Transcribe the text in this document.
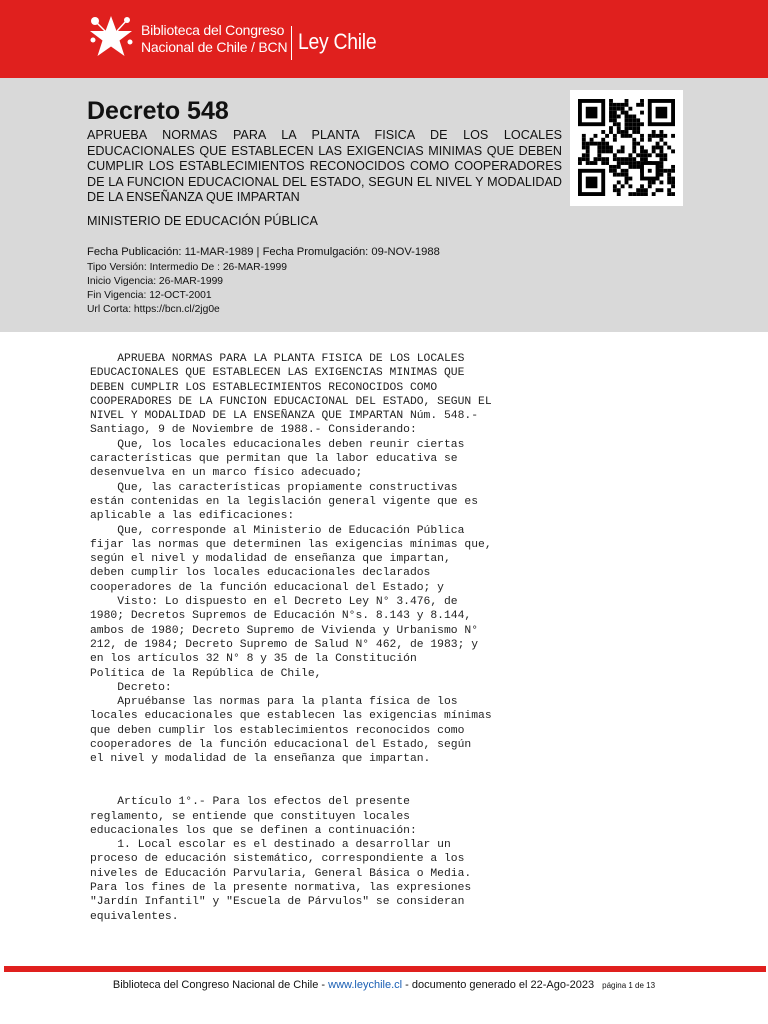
Biblioteca del Congreso
Nacional de Chile / BCN Ley Chile
Decreto 548
APRUEBA NORMAS PARA LA PLANTA FISICA DE LOS LOCALES EDUCACIONALES QUE ESTABLECEN LAS EXIGENCIAS MINIMAS QUE DEBEN CUMPLIR LOS ESTABLECIMIENTOS RECONOCIDOS COMO COOPERADORES DE LA FUNCION EDUCACIONAL DEL ESTADO, SEGUN EL NIVEL Y MODALIDAD DE LA ENSEÑANZA QUE IMPARTAN
MINISTERIO DE EDUCACIÓN PÚBLICA
Fecha Publicación: 11-MAR-1989 | Fecha Promulgación: 09-NOV-1988
Tipo Versión: Intermedio De : 26-MAR-1999
Inicio Vigencia: 26-MAR-1999
Fin Vigencia: 12-OCT-2001
Url Corta: https://bcn.cl/2jg0e
APRUEBA NORMAS PARA LA PLANTA FISICA DE LOS LOCALES
EDUCACIONALES QUE ESTABLECEN LAS EXIGENCIAS MINIMAS QUE
DEBEN CUMPLIR LOS ESTABLECIMIENTOS RECONOCIDOS COMO
COOPERADORES DE LA FUNCION EDUCACIONAL DEL ESTADO, SEGUN EL
NIVEL Y MODALIDAD DE LA ENSEÑANZA QUE IMPARTAN Núm. 548.-
Santiago, 9 de Noviembre de 1988.- Considerando:
Que, los locales educacionales deben reunir ciertas
características que permitan que la labor educativa se
desenvuelva en un marco físico adecuado;
Que, las características propiamente constructivas
están contenidas en la legislación general vigente que es
aplicable a las edificaciones:
Que, corresponde al Ministerio de Educación Pública
fijar las normas que determinen las exigencias mínimas que,
según el nivel y modalidad de enseñanza que impartan,
deben cumplir los locales educacionales declarados
cooperadores de la función educacional del Estado; y
Visto: Lo dispuesto en el Decreto Ley N° 3.476, de
1980; Decretos Supremos de Educación N°s. 8.143 y 8.144,
ambos de 1980; Decreto Supremo de Vivienda y Urbanismo N°
212, de 1984; Decreto Supremo de Salud N° 462, de 1983; y
en los artículos 32 N° 8 y 35 de la Constitución
Política de la República de Chile,
Decreto:
Apruébanse las normas para la planta física de los
locales educacionales que establecen las exigencias mínimas
que deben cumplir los establecimientos reconocidos como
cooperadores de la función educacional del Estado, según
el nivel y modalidad de la enseñanza que impartan.
Artículo 1°.- Para los efectos del presente
reglamento, se entiende que constituyen locales
educacionales los que se definen a continuación:
1. Local escolar es el destinado a desarrollar un
proceso de educación sistemático, correspondiente a los
niveles de Educación Parvularia, General Básica o Media.
Para los fines de la presente normativa, las expresiones
"Jardín Infantil" y "Escuela de Párvulos" se consideran
equivalentes.
Biblioteca del Congreso Nacional de Chile - www.leychile.cl - documento generado el 22-Ago-2023 página 1 de 13
